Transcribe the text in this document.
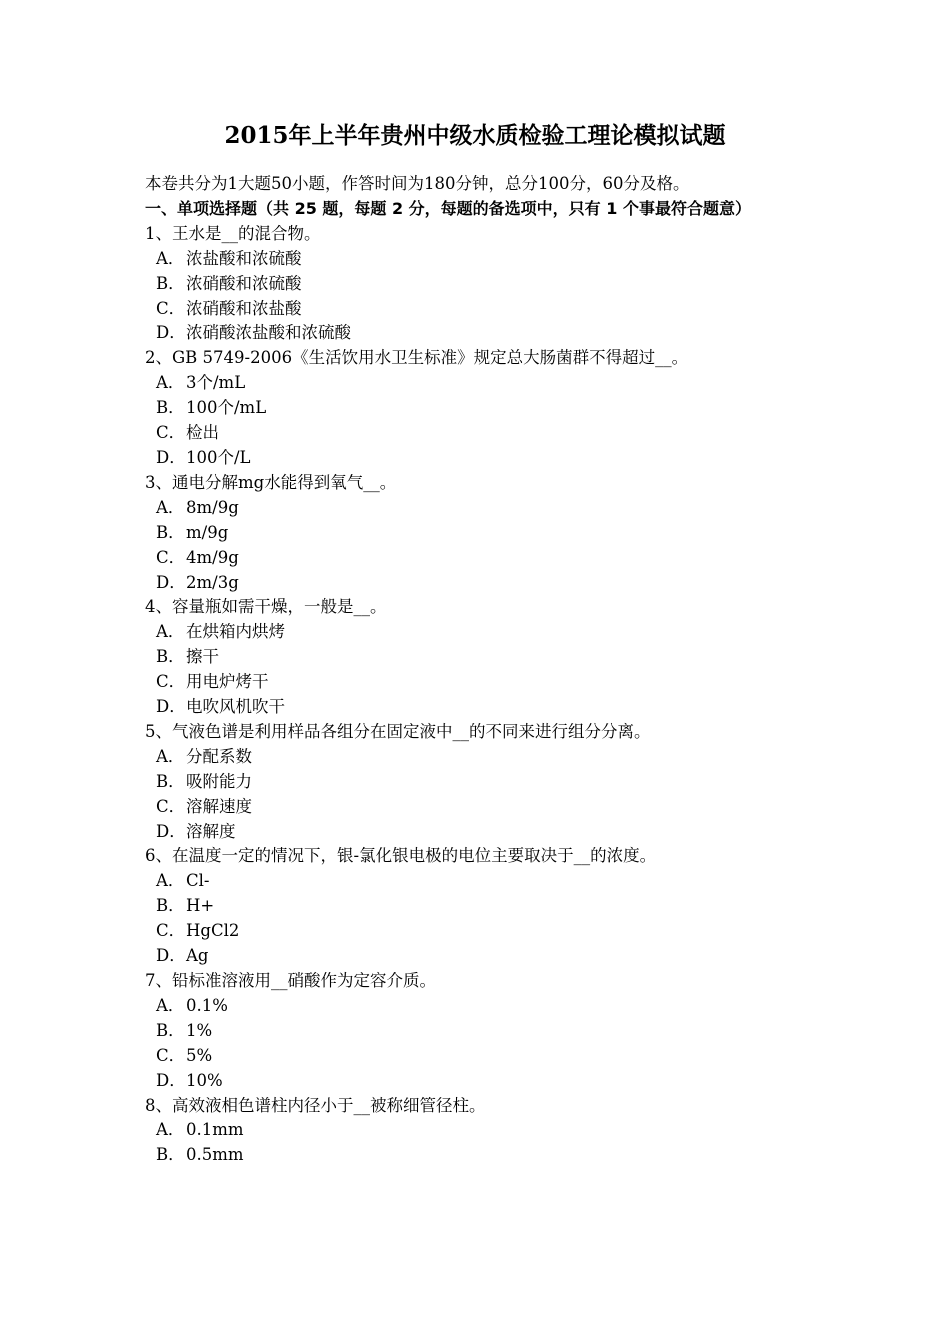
2015年上半年贵州中级水质检验工理论模拟试题
本卷共分为1大题50小题，作答时间为180分钟，总分100分，60分及格。
一、单项选择题（共 25 题，每题 2 分，每题的备选项中，只有 1 个事最符合题意）
1、王水是__的混合物。
A．浓盐酸和浓硫酸
B．浓硝酸和浓硫酸
C．浓硝酸和浓盐酸
D．浓硝酸浓盐酸和浓硫酸
2、GB 5749-2006《生活饮用水卫生标准》规定总大肠菌群不得超过__。
A．3个/mL
B．100个/mL
C．检出
D．100个/L
3、通电分解mg水能得到氧气__。
A．8m/9g
B．m/9g
C．4m/9g
D．2m/3g
4、容量瓶如需干燥，一般是__。
A．在烘箱内烘烤
B．擦干
C．用电炉烤干
D．电吹风机吹干
5、气液色谱是利用样品各组分在固定液中__的不同来进行组分分离。
A．分配系数
B．吸附能力
C．溶解速度
D．溶解度
6、在温度一定的情况下，银-氯化银电极的电位主要取决于__的浓度。
A．Cl-
B．H+
C．HgCl2
D．Ag
7、铅标准溶液用__硝酸作为定容介质。
A．0.1%
B．1%
C．5%
D．10%
8、高效液相色谱柱内径小于__被称细管径柱。
A．0.1mm
B．0.5mm
